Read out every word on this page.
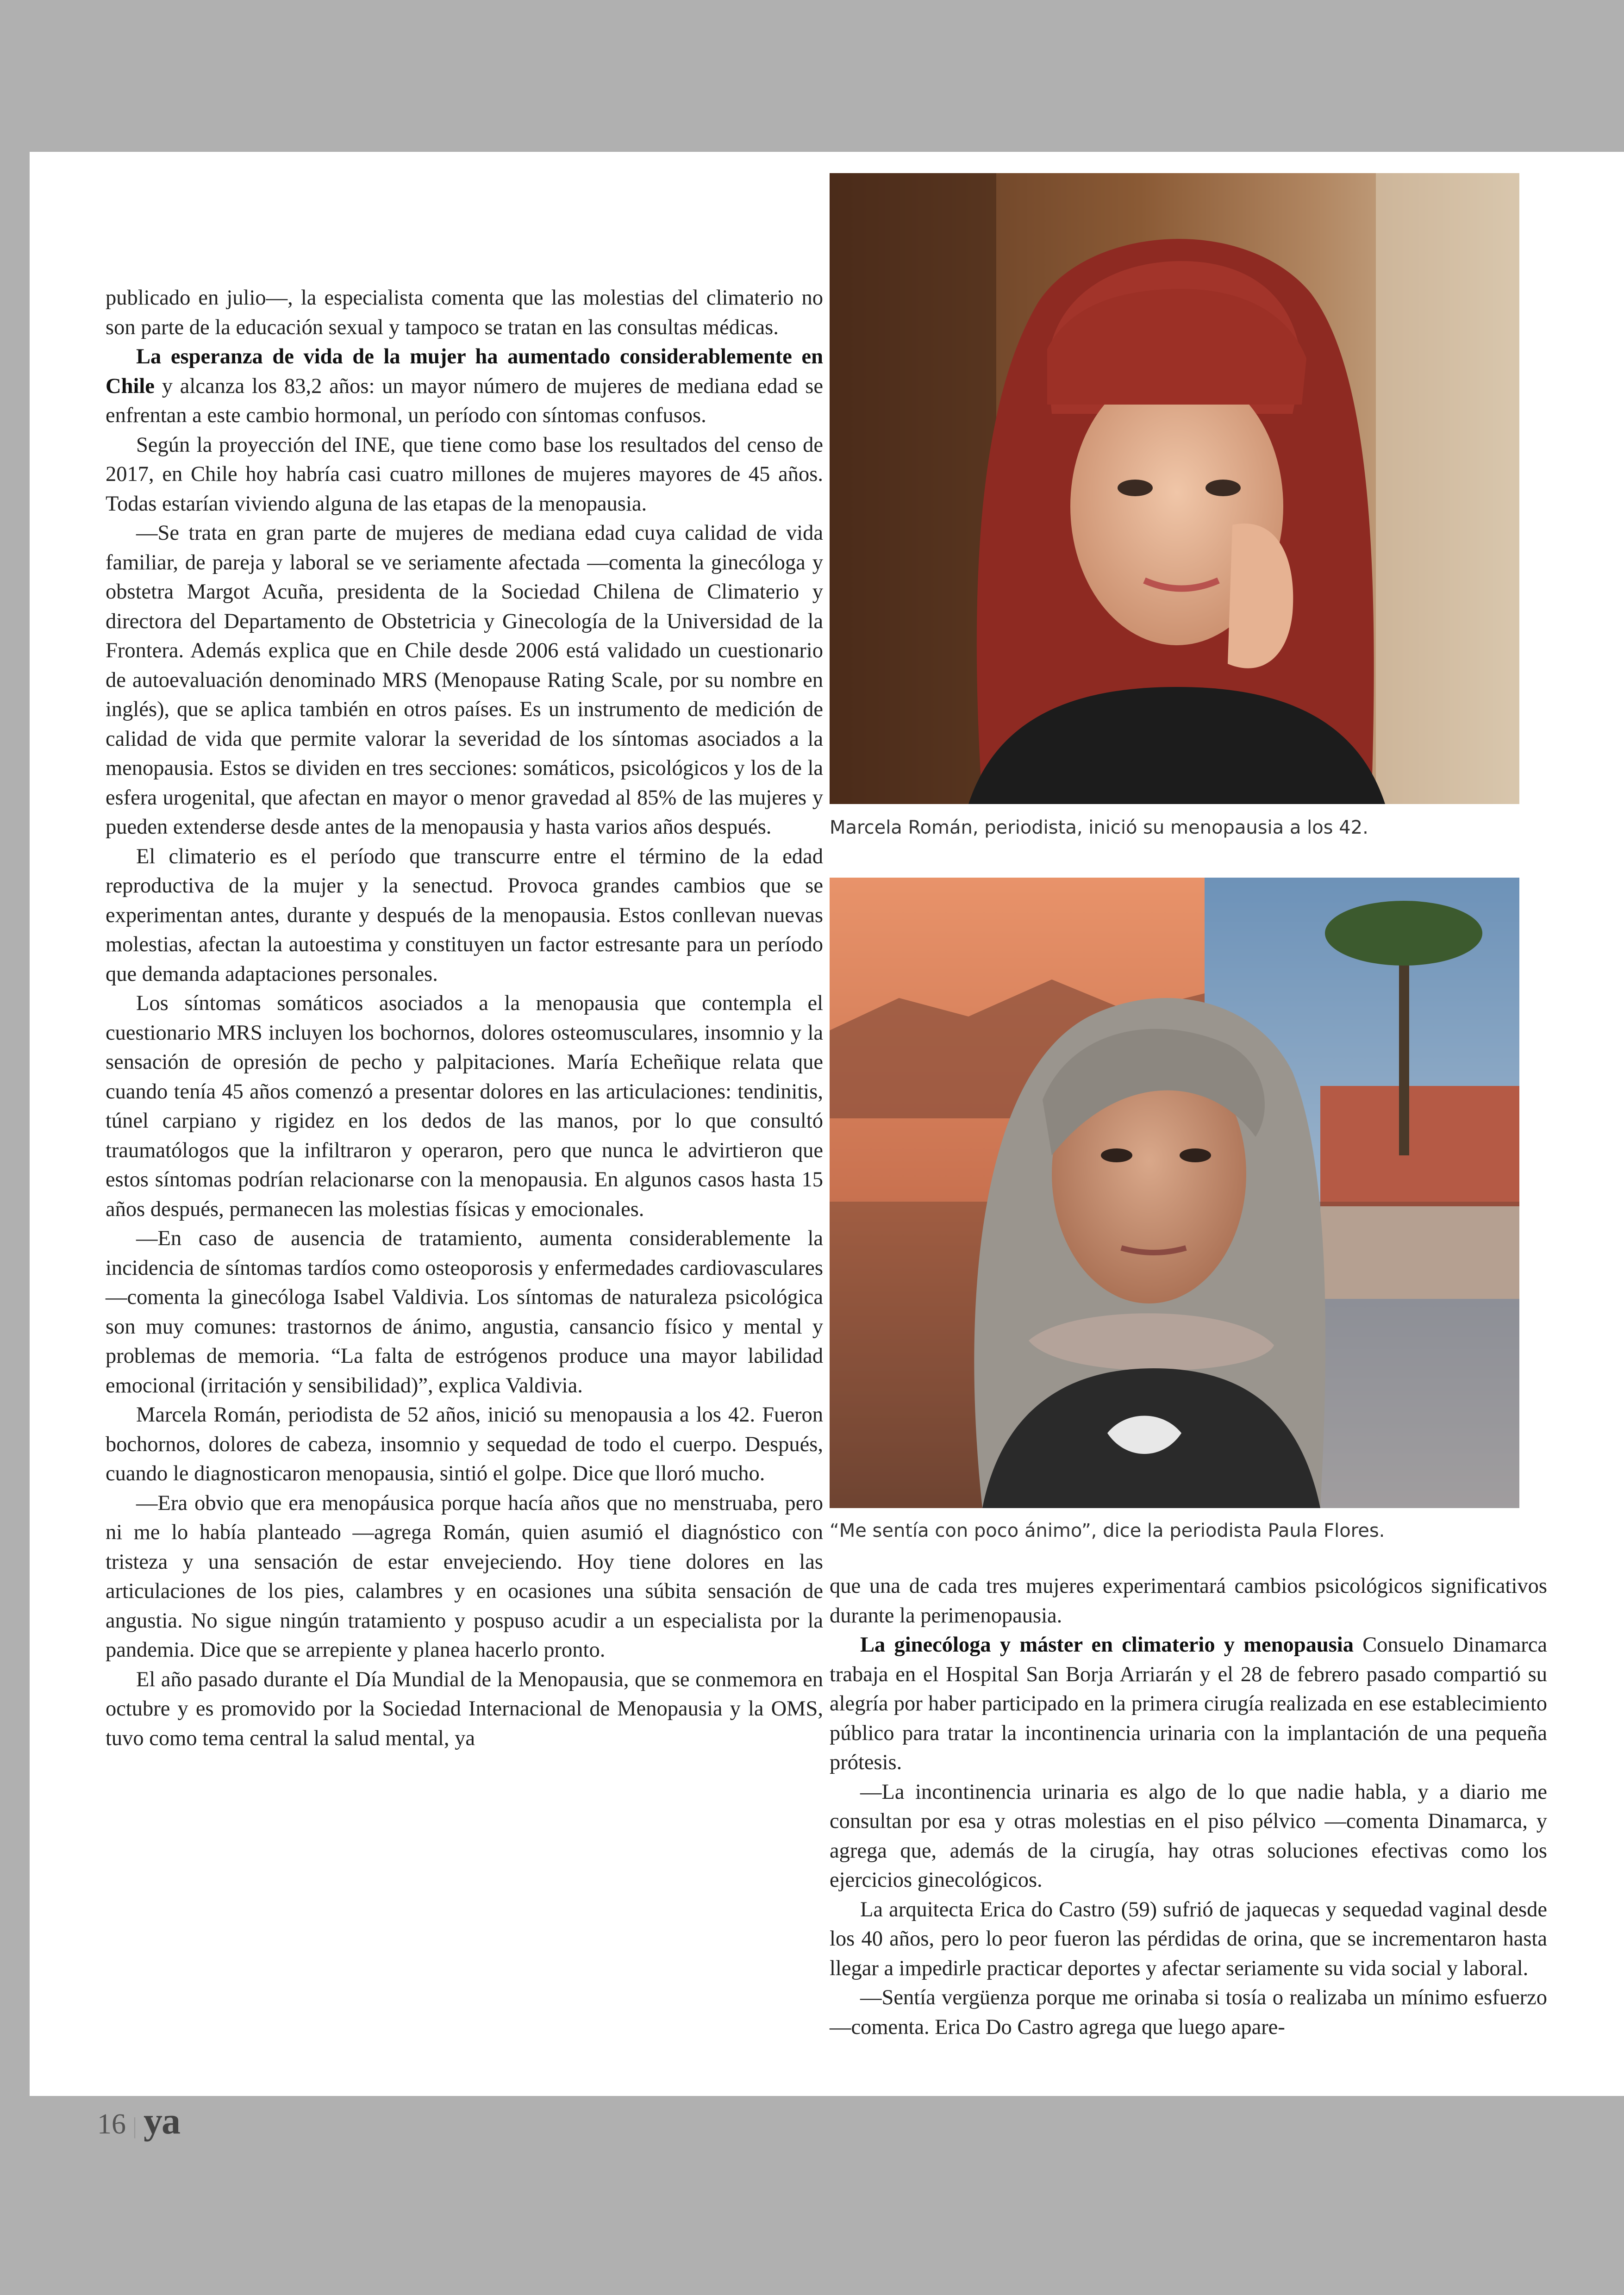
publicado en julio—, la especialista comenta que las molestias del climaterio no son parte de la educación sexual y tampoco se tratan en las consultas médicas.

La esperanza de vida de la mujer ha aumentado considerablemente en Chile y alcanza los 83,2 años: un mayor número de mujeres de mediana edad se enfrentan a este cambio hormonal, un período con síntomas confusos.

Según la proyección del INE, que tiene como base los resultados del censo de 2017, en Chile hoy habría casi cuatro millones de mujeres mayores de 45 años. Todas estarían viviendo alguna de las etapas de la menopausia.

—Se trata en gran parte de mujeres de mediana edad cuya calidad de vida familiar, de pareja y laboral se ve seriamente afectada —comenta la ginecóloga y obstetra Margot Acuña, presidenta de la Sociedad Chilena de Climaterio y directora del Departamento de Obstetricia y Ginecología de la Universidad de la Frontera. Además explica que en Chile desde 2006 está validado un cuestionario de autoevaluación denominado MRS (Menopause Rating Scale, por su nombre en inglés), que se aplica también en otros países. Es un instrumento de medición de calidad de vida que permite valorar la severidad de los síntomas asociados a la menopausia. Estos se dividen en tres secciones: somáticos, psicológicos y los de la esfera urogenital, que afectan en mayor o menor gravedad al 85% de las mujeres y pueden extenderse desde antes de la menopausia y hasta varios años después.

El climaterio es el período que transcurre entre el término de la edad reproductiva de la mujer y la senectud. Provoca grandes cambios que se experimentan antes, durante y después de la menopausia. Estos conllevan nuevas molestias, afectan la autoestima y constituyen un factor estresante para un período que demanda adaptaciones personales.

Los síntomas somáticos asociados a la menopausia que contempla el cuestionario MRS incluyen los bochornos, dolores osteomusculares, insomnio y la sensación de opresión de pecho y palpitaciones. María Echeñique relata que cuando tenía 45 años comenzó a presentar dolores en las articulaciones: tendinitis, túnel carpiano y rigidez en los dedos de las manos, por lo que consultó traumatólogos que la infiltraron y operaron, pero que nunca le advirtieron que estos síntomas podrían relacionarse con la menopausia. En algunos casos hasta 15 años después, permanecen las molestias físicas y emocionales.

—En caso de ausencia de tratamiento, aumenta considerablemente la incidencia de síntomas tardíos como osteoporosis y enfermedades cardiovasculares —comenta la ginecóloga Isabel Valdivia. Los síntomas de naturaleza psicológica son muy comunes: trastornos de ánimo, angustia, cansancio físico y mental y problemas de memoria. “La falta de estrógenos produce una mayor labilidad emocional (irritación y sensibilidad)”, explica Valdivia.

Marcela Román, periodista de 52 años, inició su menopausia a los 42. Fueron bochornos, dolores de cabeza, insomnio y sequedad de todo el cuerpo. Después, cuando le diagnosticaron menopausia, sintió el golpe. Dice que lloró mucho.

—Era obvio que era menopáusica porque hacía años que no menstruaba, pero ni me lo había planteado —agrega Román, quien asumió el diagnóstico con tristeza y una sensación de estar envejeciendo. Hoy tiene dolores en las articulaciones de los pies, calambres y en ocasiones una súbita sensación de angustia. No sigue ningún tratamiento y pospuso acudir a un especialista por la pandemia. Dice que se arrepiente y planea hacerlo pronto.

El año pasado durante el Día Mundial de la Menopausia, que se conmemora en octubre y es promovido por la Sociedad Internacional de Menopausia y la OMS, tuvo como tema central la salud mental, ya

Marcela Román, periodista, inició su menopausia a los 42.
“Me sentía con poco ánimo”, dice la periodista Paula Flores.

que una de cada tres mujeres experimentará cambios psicológicos significativos durante la perimenopausia.

La ginecóloga y máster en climaterio y menopausia Consuelo Dinamarca trabaja en el Hospital San Borja Arriarán y el 28 de febrero pasado compartió su alegría por haber participado en la primera cirugía realizada en ese establecimiento público para tratar la incontinencia urinaria con la implantación de una pequeña prótesis.

—La incontinencia urinaria es algo de lo que nadie habla, y a diario me consultan por esa y otras molestias en el piso pélvico —comenta Dinamarca, y agrega que, además de la cirugía, hay otras soluciones efectivas como los ejercicios ginecológicos.

La arquitecta Erica do Castro (59) sufrió de jaquecas y sequedad vaginal desde los 40 años, pero lo peor fueron las pérdidas de orina, que se incrementaron hasta llegar a impedirle practicar deportes y afectar seriamente su vida social y laboral.

—Sentía vergüenza porque me orinaba si tosía o realizaba un mínimo esfuerzo —comenta. Erica Do Castro agrega que luego apare-

16 | ya
